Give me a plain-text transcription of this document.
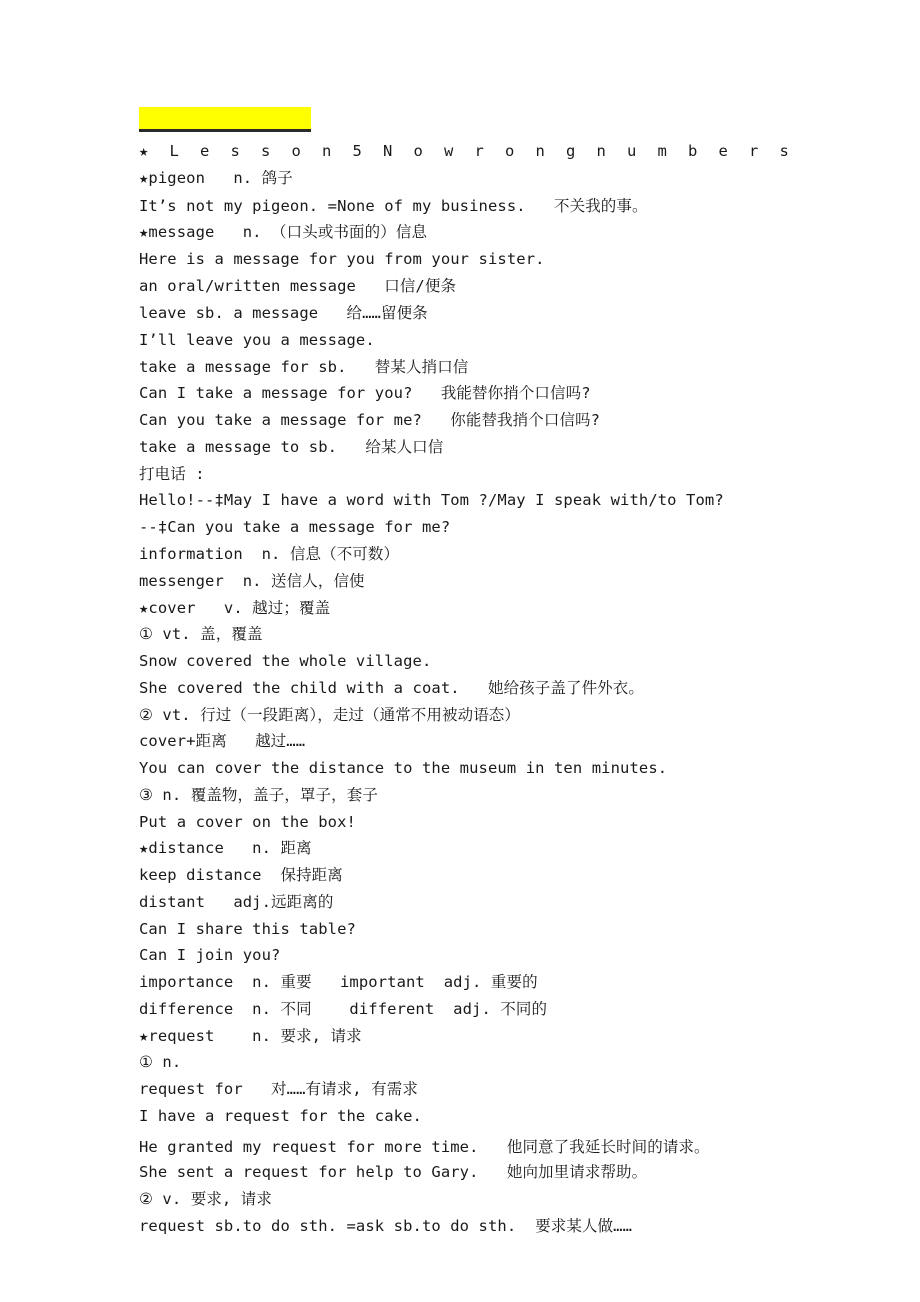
★ L e s s o n 5 N o w r o n g n u m b e r s
★pigeon   n. 鸽子
It’s not my pigeon. =None of my business.   不关我的事。
★message   n. （口头或书面的）信息
Here is a message for you from your sister.
an oral/written message   口信/便条
leave sb. a message   给……留便条
I’ll leave you a message.
take a message for sb.   替某人捎口信
Can I take a message for you?   我能替你捎个口信吗?
Can you take a message for me?   你能替我捎个口信吗?
take a message to sb.   给某人口信
打电话 :
Hello!--‡May I have a word with Tom ?/May I speak with/to Tom?
--‡Can you take a message for me?
information  n. 信息（不可数）
messenger  n. 送信人，信使
★cover   v. 越过；覆盖
① vt. 盖，覆盖
Snow covered the whole village.
She covered the child with a coat.   她给孩子盖了件外衣。
② vt. 行过（一段距离），走过（通常不用被动语态）
cover+距离   越过……
You can cover the distance to the museum in ten minutes.
③ n. 覆盖物，盖子，罩子，套子
Put a cover on the box!
★distance   n. 距离
keep distance  保持距离
distant   adj.远距离的
Can I share this table?
Can I join you?
importance  n. 重要   important  adj. 重要的
difference  n. 不同    different  adj. 不同的
★request    n. 要求, 请求
① n.
request for   对……有请求, 有需求
I have a request for the cake.
He granted my request for more time.   他同意了我延长时间的请求。
She sent a request for help to Gary.   她向加里请求帮助。
② v. 要求, 请求
request sb.to do sth. =ask sb.to do sth.  要求某人做……
